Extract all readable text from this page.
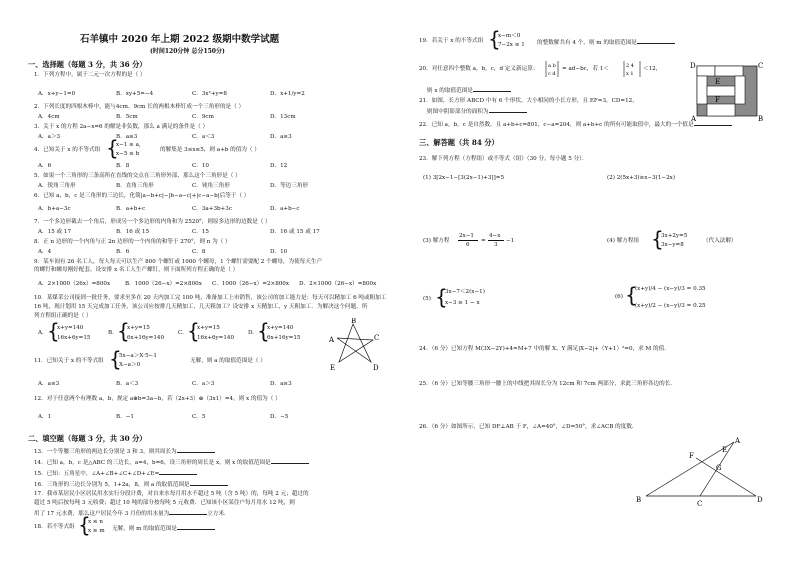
石羊镇中 2020 年上期 2022 级期中数学试题
(时间120分钟 总分150分)
一、选择题（每题 3 分，共 36 分）
1．下列方程中，属于二元一次方程的是（ ）
A．x+y−1=0	B．xy+5=−4	C．3x²+y=8	D．x+1/y=2
2．下列长度的四根木棒中，能与4cm、9cm 长的两根木棒钉成一个三角形的是（ ）
A．4cm	B．5cm	C．9cm	D．13cm
3．关于 x 的方程 2a−x=6 的解是非负数，那么 a 满足的条件是（ ）
A．a＞3	B．a≤3	C．a＜3	D．a≥3
4．已知关于 x 的不等式组 {
x−1 ≥ a,
x−5 ≤ b
的解集是 3≤x≤5，则 a+b 的值为（ ）
A．6	B．8	C．10	D．12
5．如果一个三角形的三条高所在直线的交点在三角形外部，那么这个三角形是（ ）
A．锐角三角形	B．直角三角形	C．钝角三角形	D．等边三角形
6．已知 a，b，c 是三角形的三边长，化简|a−b+c|−|b−a−c|+|c−a−b|后等于（ ）
A．b+a−3c	B．a+b+c	C．3a+3b+3c	D．a+b−c
7．一个多边形截去一个角后，形成另一个多边形的内角和为 2520°，则原多边形的边数是（ ）
A．15 或 17	B．16 或 15	C．15	D．16 或 15 或 17
8．正 n 边形的一个内角与正 2n 边形的一个内角的和等于 270°，则 n 为（ ）
A．4	B．6	C．8	D．10
9．某车间有 26 名工人，每人每天可以生产 800 个螺钉或 1000 个螺母，1 个螺钉需要配 2 个螺母，为使每天生产
的螺钉和螺母刚好配套，设安排 x 名工人生产螺钉，则下面所列方程正确的是（ ）
A．2×1000（26x）=800x	B．1000（26−x）=2×800x C．1000（26−x）=2×800x D．2×1000（26−x）=800x
10．某煤采公司接到一批任务，要求至多在 20 天内加工完 100 吨，准备加工上市销售，该公司的加工能力是：每天可以精加工 6 吨或粗加工
16 吨，现计划用 15 天完成加工任务，该公司应按排几天精加工，几天粗加工？设安排 x 天精加工，y 天粗加工．为解决这个问题，所
列方程组正确的是（ ）
A. {
x+y=140
16x+6y=15
B. {
x+y=15
6x+16y=140
C. {
x+y=15
16x+6y=140
D. {
x+y=140
6x+16y=15
B
C
A
D
E
11．已知关于 x 的不等式组 {
5x−a＞X·5−1
X−a＞0
无解，则 a 的取值范围是（ ）
A．a≤3	B．a＜3	C．a＞3	D．a≥3
12．对于任意两个有理数 a，b，规定 a⊕b=3a−b，若（2x+3）⊕（3x1）=4，则 x 的值为（ ）
A．1	B．−1	C．5	D．−5
二、填空题（每题 3 分，共 30 分）
13．一个等腰三角形的两边长分别是 3 和 3，则其周长为
14．已知 a，b，c 是△ABC 的三边长，a=4，b=6，设三角形的周长是 x，则 x 的取值范围是
15．已知：五角星中，∠A+∠B+∠C+∠D+∠E=
16．三角形的三边长分别为 5，1+2a，8，则 a 的取值范围是
17．我市某居民小区居民用水实行分段计费，对自来水每月用水不超过 5 吨（含 5 吨）的，每吨 2 元；超过的
超过 5 吨后按每吨 3 元收费；超过 10 吨的部分按每吨 5 元收费．已知该小区某住户每月用水 12 吨，则
用了 17 元水费，那么这户居民今年 3 月份的用水量为	立方米．
18．若不等式组 {
x ≤ n
x ≥ m 无解，则 m 的取值范围是
19．若关于 x 的不等式组 {
x−m＜0
7−2x ≤ 1 的整数解共有 4 个，则 m 的取值范围是
20．对任意四个整数 a，b，c，d 定义新运算： a b
c d
= ad−bc，若 1＜	2 4
x 1
＜12，
则 x 的取值范围是
21．如图，长方形 ABCD 中有 6 个形状、大小相同的小长方形，且 EF=3，CD=12，
则图中阴影部分的面积为
A	B
C
D
E
F
22．已知 a，b，c 是自然数，且 a+b+c=801，c−a=204，则 a+b+c 的所有可能取值中，最大的一个值是
三、解答题（共 84 分）
23．解下列方程（方程组）或不等式（组）（30 分，每小题 5 分）．
(1) 3[2x−1−[3(2x−1)+3]]=5	(2) 2(5x+3)≥x−3(1−2x)
(3) 解方程
2x−1
6
=
4−x
3
−1	(4) 解方程组 {
3x+2y=5
3x−y=8
（代入法解）
(5) {
3x−7＜2(x−1)
x−3 ≥ 1 − x
(6) {
(x+y)/4 − (x−y)/3 = 0.35
(x+y)/2 − (x−y)/3 = 0.25
24．（6 分）已知方程 M(3X−2Y)+4=M+7 中的解 X、Y 满足|X−2|+（Y+1）²=0，求 M 的值．
25．（6 分）已知等腰三角形一腰上的中线把其周长分为 12cm 和 7cm 两部分，求此三角形各边的长．
26．（6 分）如图所示，已知 DF⊥AB 于 F，∠A=40°，∠D=50°，求∠ACB 的度数．
A
B	C	D
E
F
G
